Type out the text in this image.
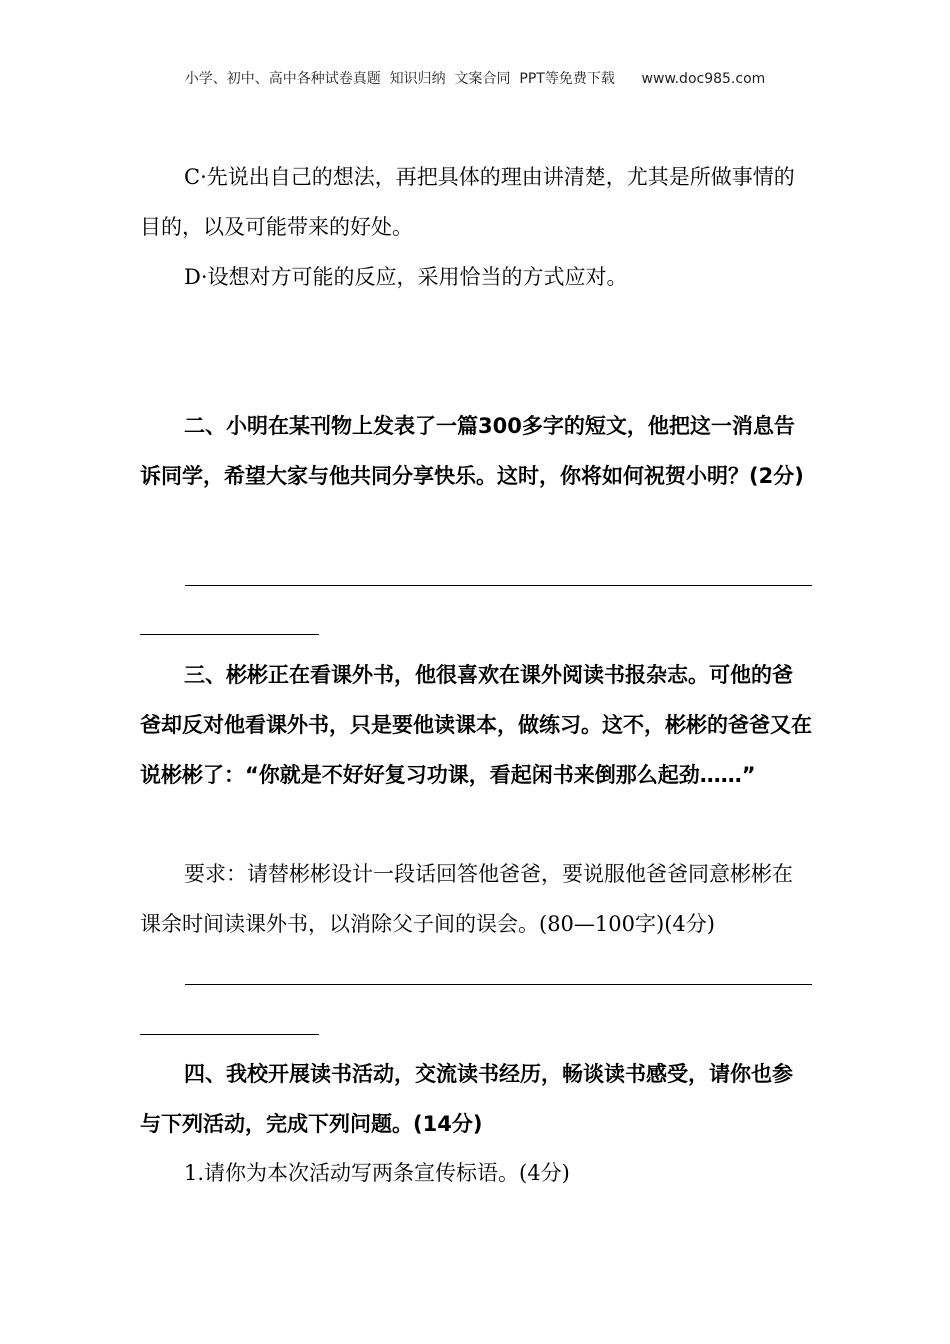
小学、初中、高中各种试卷真题  知识归纳  文案合同  PPT等免费下载      www.doc985.com

C·先说出自己的想法，再把具体的理由讲清楚，尤其是所做事情的目的，以及可能带来的好处。

D·设想对方可能的反应，采用恰当的方式应对。

二、小明在某刊物上发表了一篇300多字的短文，他把这一消息告诉同学，希望大家与他共同分享快乐。这时，你将如何祝贺小明？(2分)

三、彬彬正在看课外书，他很喜欢在课外阅读书报杂志。可他的爸爸却反对他看课外书，只是要他读课本，做练习。这不，彬彬的爸爸又在说彬彬了：“你就是不好好复习功课，看起闲书来倒那么起劲……”

要求：请替彬彬设计一段话回答他爸爸，要说服他爸爸同意彬彬在课余时间读课外书，以消除父子间的误会。(80—100字)(4分)

四、我校开展读书活动，交流读书经历，畅谈读书感受，请你也参与下列活动，完成下列问题。(14分)

1.请你为本次活动写两条宣传标语。(4分)
